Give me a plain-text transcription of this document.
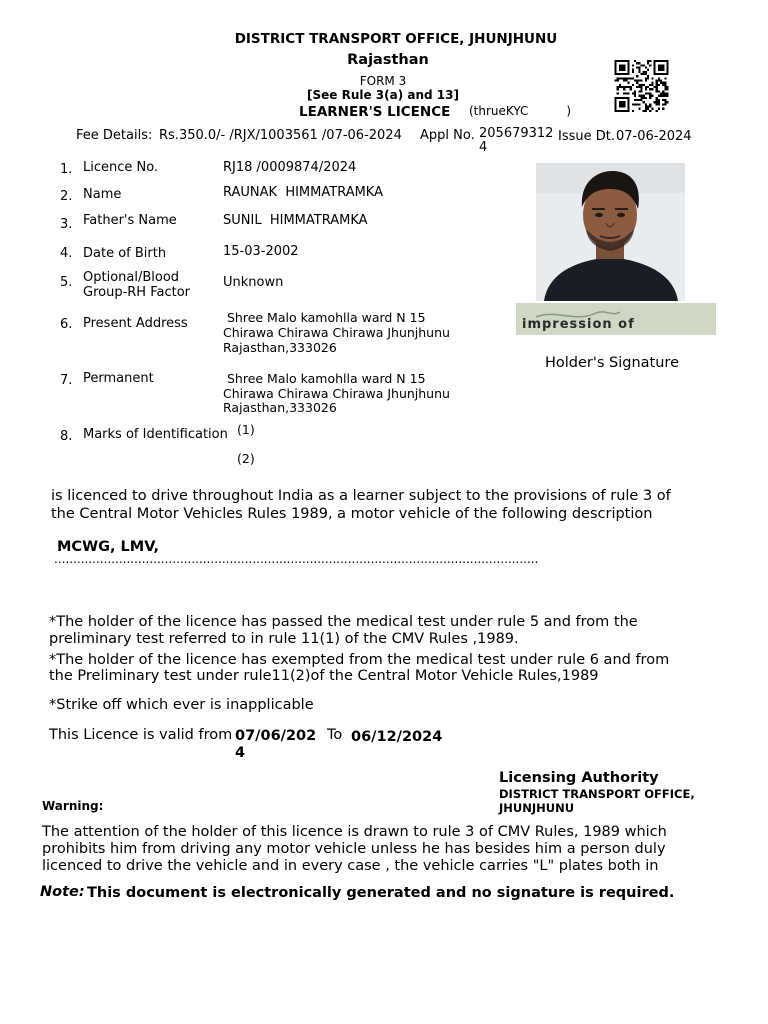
DISTRICT TRANSPORT OFFICE, JHUNJHUNU
Rajasthan
FORM 3
[See Rule 3(a) and 13]
LEARNER'S LICENCE (thrueKYC	)
Fee Details: Rs.350.0/- /RJX/1003561 /07-06-2024 Appl No. 205679312
4
Issue Dt. 07-06-2024
1. Licence No.	RJ18 /0009874/2024
2. Name	RAUNAK  HIMMATRAMKA
3. Father's Name	SUNIL  HIMMATRAMKA
4. Date of Birth	15-03-2002
5. Optional/Blood
Group-RH Factor
Unknown
6. Present Address	Shree Malo kamohlla ward N 15
Chirawa Chirawa Chirawa Jhunjhunu
Rajasthan,333026
7. Permanent	Shree Malo kamohlla ward N 15
Chirawa Chirawa Chirawa Jhunjhunu
Rajasthan,333026
8. Marks of Identification (1)
(2)
impression of
Holder's Signature
is licenced to drive throughout India as a learner subject to the provisions of rule 3 of
the Central Motor Vehicles Rules 1989, a motor vehicle of the following description
MCWG, LMV,
...............................................................................................................................
*The holder of the licence has passed the medical test under rule 5 and from the
preliminary test referred to in rule 11(1) of the CMV Rules ,1989.
*The holder of the licence has exempted from the medical test under rule 6 and from
the Preliminary test under rule11(2)of the Central Motor Vehicle Rules,1989
*Strike off which ever is inapplicable
This Licence is valid from 07/06/202
4
To 06/12/2024
Licensing Authority
DISTRICT TRANSPORT OFFICE,
JHUNJHUNU
Warning:
The attention of the holder of this licence is drawn to rule 3 of CMV Rules, 1989 which
prohibits him from driving any motor vehicle unless he has besides him a person duly
licenced to drive the vehicle and in every case , the vehicle carries "L" plates both in
Note: This document is electronically generated and no signature is required.
